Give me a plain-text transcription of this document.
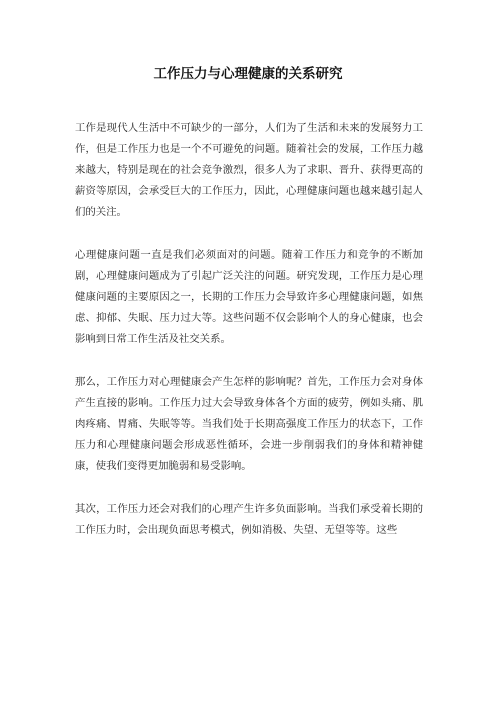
工作压力与心理健康的关系研究

工作是现代人生活中不可缺少的一部分，人们为了生活和未来的发展努力工作，但是工作压力也是一个不可避免的问题。随着社会的发展，工作压力越来越大，特别是现在的社会竞争激烈，很多人为了求职、晋升、获得更高的薪资等原因，会承受巨大的工作压力，因此，心理健康问题也越来越引起人们的关注。

心理健康问题一直是我们必须面对的问题。随着工作压力和竞争的不断加剧，心理健康问题成为了引起广泛关注的问题。研究发现，工作压力是心理健康问题的主要原因之一，长期的工作压力会导致许多心理健康问题，如焦虑、抑郁、失眠、压力过大等。这些问题不仅会影响个人的身心健康，也会影响到日常工作生活及社交关系。

那么，工作压力对心理健康会产生怎样的影响呢？首先，工作压力会对身体产生直接的影响。工作压力过大会导致身体各个方面的疲劳，例如头痛、肌肉疼痛、胃痛、失眠等等。当我们处于长期高强度工作压力的状态下，工作压力和心理健康问题会形成恶性循环，会进一步削弱我们的身体和精神健康，使我们变得更加脆弱和易受影响。

其次，工作压力还会对我们的心理产生许多负面影响。当我们承受着长期的工作压力时，会出现负面思考模式，例如消极、失望、无望等等。这些
